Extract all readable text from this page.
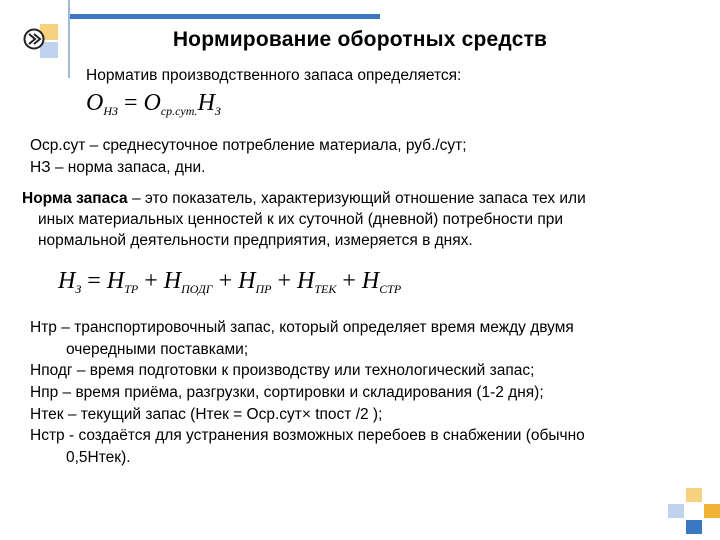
Нормирование оборотных средств
Норматив производственного запаса определяется:
$О_{НЗ} = О_{ср.сут.}Н_З$
Оср.сут – среднесуточное потребление материала, руб./сут;
НЗ – норма запаса, дни.
Норма запаса – это показатель, характеризующий отношение запаса тех или
иных материальных ценностей к их суточной (дневной) потребности при
нормальной деятельности предприятия, измеряется в днях.
$Н_З = Н_{ТР} + Н_{ПОДГ} + Н_{ПР} + Н_{ТЕК} + Н_{СТР}$
Нтр – транспортировочный запас, который определяет время между двумя
очередными поставками;
Нподг – время подготовки к производству или технологический запас;
Нпр – время приёма, разгрузки, сортировки и складирования (1-2 дня);
Нтек – текущий запас (Нтек = Оср.сут× tпост /2 );
Нстр - создаётся для устранения возможных перебоев в снабжении (обычно
0,5Нтек).
